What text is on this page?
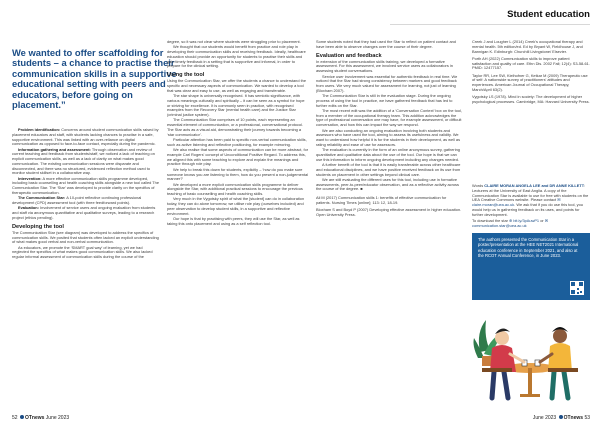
Student education

We wanted to offer scaffolding for students – a chance to practise their communication skills in a supportive educational setting with peers and educators, before going on placement.”

Problem identification: Concerns around student communication skills raised by placement educators and staff, with students lacking chances to practise in a safe, supportive environment. This was linked with an over-reliance on digital communication as opposed to face-to-face contact, especially during the pandemic.

Information gathering and assessment: Through observation and review of current teaching and feedback from students/staff, we noticed a lack of teaching on explicit communication skills, as well as a lack of clarity on what makes good communication. The existing communication sessions were disparate and disconnected, and there was no structured, evidenced reflection method used to monitor student skillset in a collaborative way.

Intervention: A more effective communication skills programme developed, including basic counselling and health coaching skills alongside a new tool called The Communication Star. The ‘Star’ was developed to provide clarity on the specifics of therapeutic communication.

The Communication Star: A 10-point reflective continuing professional development (CPD) assessment tool (with three feedforward points).

Evaluation: Involvement of service users and ongoing evaluation from students and staff via anonymous quantitative and qualitative surveys, leading to a research project (ethics pending).

Developing the tool

The Communication Star (see diagram) was developed to address the specifics of communication skills. We posited that students often lacked an explicit understanding of what makes good verbal and non-verbal communication.

As educators, we promote the ‘SMART goal way’ of learning, yet we had neglected the specifics of what makes good communication skills. We also lacked regular informal assessment of communication skills during the course of the

degree, so it was not clear where students were struggling prior to placement.

We thought that our students would benefit from practice and role play in developing their communication skills and receiving feedback. Ideally, healthcare education should provide an opportunity for students to practise their skills and gain timely feedback in a setting that is supportive and informal, in order to prepare for the clinical setting.

Using the tool

Using the Communication Star, we offer the students a chance to understand the specific and necessary aspects of communication. We wanted to develop a tool that was clear and easy to use, as well as engaging and transferable.

The star shape is universally recognised. It has semiotic significance, with various meanings culturally and spiritually – it can be seen as a symbol for hope or striving for excellence. It is commonly seen in practice, with recognised examples from the Recovery Star (mental health care) and the Justice Star (criminal justice system).

The Communication Star comprises of 10 points, each representing an essential element of communication, or a professional, conversational protocol. The Star acts as a visual aid, demonstrating their journey towards becoming a ‘star communicator’.

Particular attention has been paid to specific non-verbal communication skills, such as active listening and reflective positioning, for example mirroring.

We also realise that some aspects of communication can be more abstract, for example Carl Rogers’ concept of Unconditional Positive Regard. To address this, we aligned this with some teaching to explore and explain the meanings and practice through role play.

We help to break this down for students, explicitly – ‘how do you make sure someone knows you are listening to them, how do you present a non-judgemental manner?’

We developed a more explicit communication skills programme to deliver alongside the Star, with additional practical sessions to encourage the previous teaching of basic counselling and health coaching skills.

Very much in the Vygotsky spirit of what the [student] can do in collaboration today, they can do alone tomorrow, we utilise role play (ourselves included) and peer observation to develop student skills, in a supportive and reflective environment.

Our hope is that by practising with peers, they will use the Star, as well as taking this onto placement and using as a self reflection tool.

Some students noted that they had used the Star to reflect on patient contact and have been able to observe changes over the course of their degree.

Evaluation and feedback

In extension of the communication skills training, we developed a formative assessment. For this assessment, we involved service users as collaborators in assessing student conversations.

Service user involvement was essential for authentic feedback in real time. We noticed that the Star had strong consistency between markers and good feedback from users. We very much valued for assessment for learning, not just of learning (Bloxham 2007).

The Communication Star is still in the evaluation stage. During the ongoing process of using the tool in practice, we have gathered feedback that has led to further edits on the Star.

The most recent edit was the addition of a ‘Conversation Context’ box on the tool, from a member of the occupational therapy team. This addition acknowledges the type of professional conversation one may have, for example assessment, or difficult conversation, and how this can impact the way we respond.

We are also conducting an ongoing evaluation involving both students and assessors who have used the tool, aiming to assess its usefulness and validity. We want to understand how helpful it is for the students in their development, as well as rating reliability and ease of use for assessors.

The evaluation is currently in the form of an online anonymous survey, gathering quantitative and qualitative data about the use of the tool. Our hope is that we can use this information to inform ongoing development including any changes needed.

A further benefit of the tool is that it is easily transferable across other healthcare and educational disciplines, and we have positive received feedback on its use from students on placement in other settings beyond clinical care.

We are still evaluating the different uses for this tool, including use in formative assessments, peer-to-peer/educator observation, and as a reflective activity across the course of the degree. ■

Ali M (2017) Communication skills 1: benefits of effective communication for patients. Nursing Times [online]; 113: 12, 18-19.

Bloxham S and Boyd P (2007) Developing effective assessment in higher education. Open University Press.

Creek J and Lougher L (2014) Creek’s occupational therapy and mental health. 5th edition/ed. Ed by Bryant W, Fieldhouse J, and Bannigan K. Edinburgh: Churchill Livingstone/ Elsevier.

Porth AH (2022) Communication skills to improve patient satisfaction and quality of care. Ethn Dis. 2002 Fall; 12(4): S3-58-61. PMID: 12477157.

Taylor RR, Lee SW, Kielhofner G, Ketkar M (2009) Therapeutic use of self: A nationwide survey of practitioners’ attitudes and experiences. American Journal of Occupational Therapy, March/April 63(2).

Vygotsky LS (1978). Mind in society: The development of higher psychological processes. Cambridge, MA: Harvard University Press.

Words CLAIRE MORAN ANGELA LEE and DR ANNE KILLETT: Lecturers at the University of East Anglia. A copy of the Communication Star is available to use for free with students on the UEA Creative Commons website. Please contact ✉ claire.moran@uea.ac.uk. We ask that if you do use this tool, you would help us in gathering feedback on its uses, and points for further development.
To download the star ⊕ bit.ly/3pAuwP1 or ✉ communication.star@uea.ac.uk
The authors presented the Communication Star in a poster/presentation at the HEE NET2021 International education conference in September 2021, and also at the RCOT Annual Conference, in June 2023.
52 OTnews June 2023	June 2023 OTnews 53
